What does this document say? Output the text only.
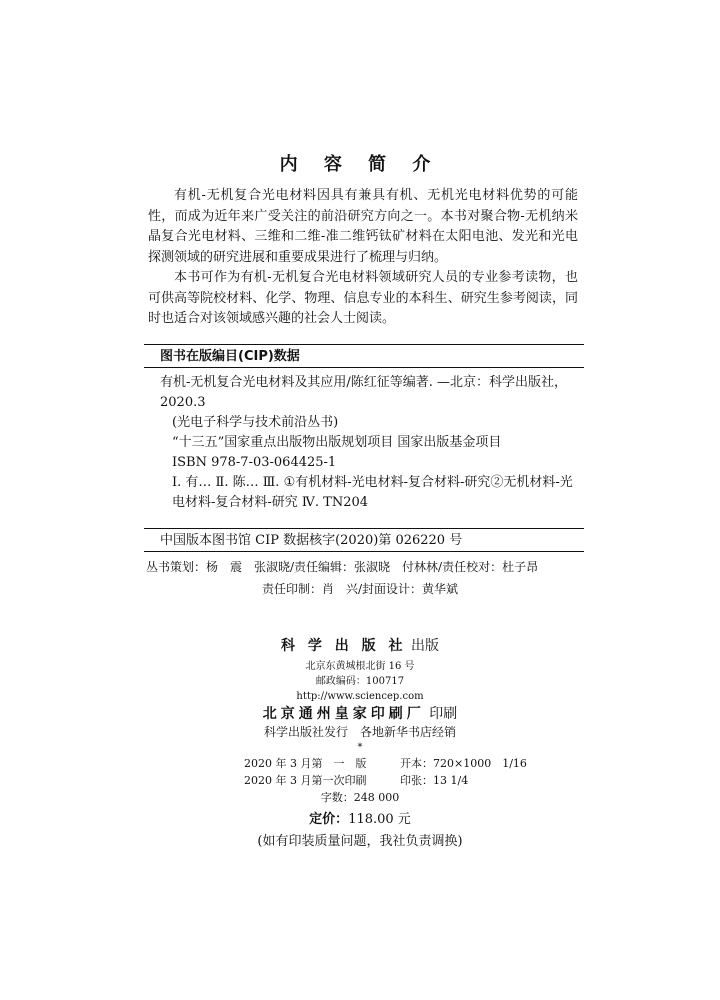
内 容 简 介

有机-无机复合光电材料因具有兼具有机、无机光电材料优势的可能性，而成为近年来广受关注的前沿研究方向之一。本书对聚合物-无机纳米晶复合光电材料、三维和二维-准二维钙钛矿材料在太阳电池、发光和光电探测领域的研究进展和重要成果进行了梳理与归纳。

本书可作为有机-无机复合光电材料领域研究人员的专业参考读物，也可供高等院校材料、化学、物理、信息专业的本科生、研究生参考阅读，同时也适合对该领域感兴趣的社会人士阅读。

图书在版编目(CIP)数据
有机-无机复合光电材料及其应用/陈红征等编著. —北京：科学出版社，
2020.3
(光电子科学与技术前沿丛书)
“十三五”国家重点出版物出版规划项目 国家出版基金项目
ISBN 978-7-03-064425-1
Ⅰ. 有… Ⅱ. 陈… Ⅲ. ①有机材料-光电材料-复合材料-研究②无机材料-光电材料-复合材料-研究 Ⅳ. TN204
中国版本图书馆 CIP 数据核字(2020)第 026220 号
丛书策划：杨　震　张淑晓/责任编辑：张淑晓　付林林/责任校对：杜子昂
责任印制：肖　兴/封面设计：黄华斌
科 学 出 版 社 出版
北京东黄城根北街 16 号
邮政编码：100717
http://www.sciencep.com
北京通州皇家印刷厂 印刷
科学出版社发行　各地新华书店经销
*
2020 年 3 月第　一　版	开本：720×1000　1/16
2020 年 3 月第一次印刷	印张：13 1/4
字数：248 000
定价：118.00 元
(如有印装质量问题，我社负责调换)
